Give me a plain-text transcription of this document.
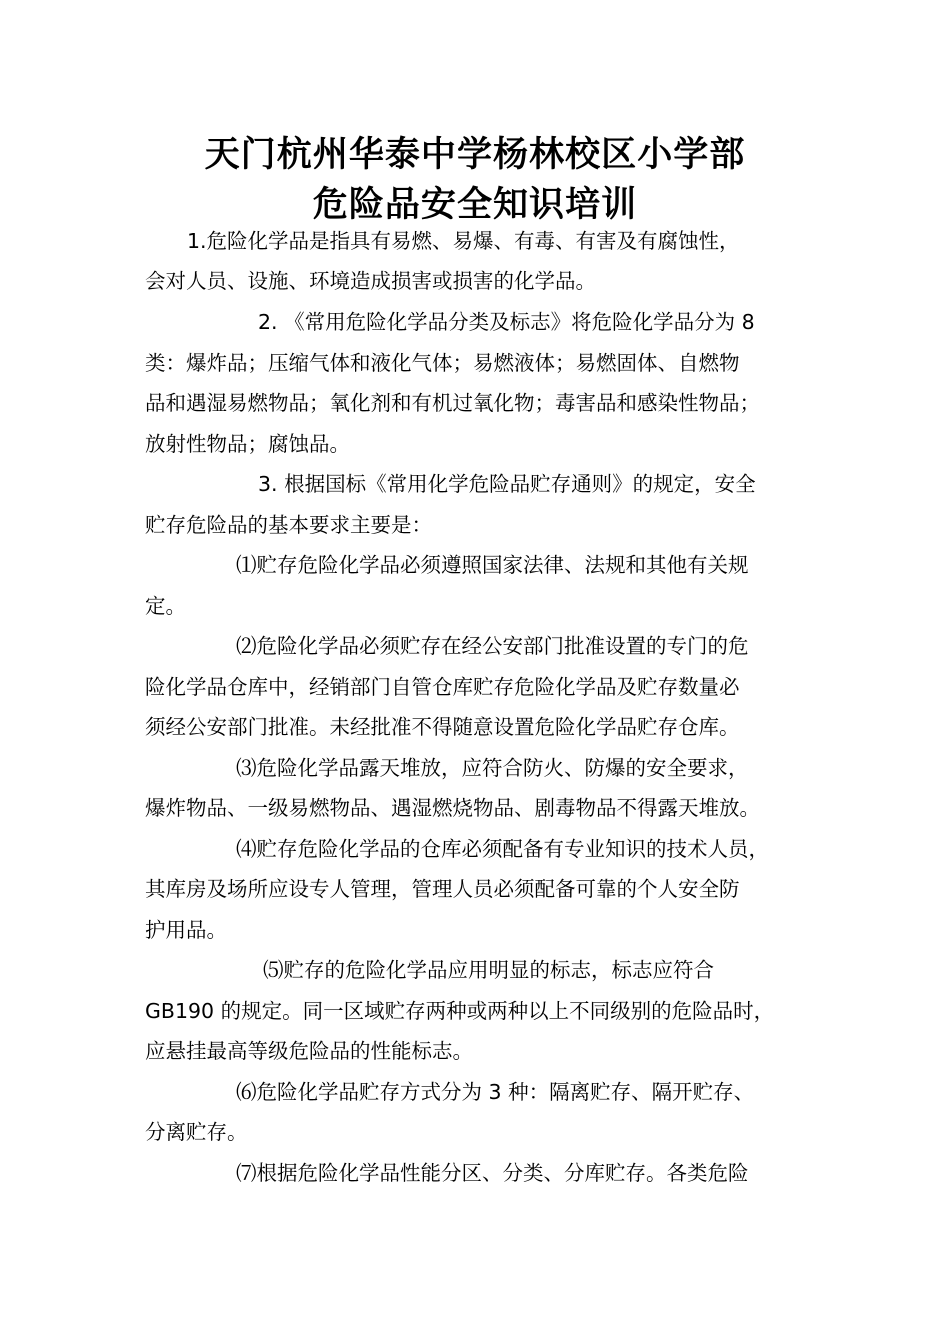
天门杭州华泰中学杨林校区小学部
危险品安全知识培训
1.危险化学品是指具有易燃、易爆、有毒、有害及有腐蚀性，
会对人员、设施、环境造成损害或损害的化学品。
2. 《常用危险化学品分类及标志》将危险化学品分为 8
类：爆炸品；压缩气体和液化气体；易燃液体；易燃固体、自燃物
品和遇湿易燃物品；氧化剂和有机过氧化物；毒害品和感染性物品；
放射性物品；腐蚀品。
3. 根据国标《常用化学危险品贮存通则》的规定，安全
贮存危险品的基本要求主要是：
⑴贮存危险化学品必须遵照国家法律、法规和其他有关规
定。
⑵危险化学品必须贮存在经公安部门批准设置的专门的危
险化学品仓库中，经销部门自管仓库贮存危险化学品及贮存数量必
须经公安部门批准。未经批准不得随意设置危险化学品贮存仓库。
⑶危险化学品露天堆放，应符合防火、防爆的安全要求，
爆炸物品、一级易燃物品、遇湿燃烧物品、剧毒物品不得露天堆放。
⑷贮存危险化学品的仓库必须配备有专业知识的技术人员，
其库房及场所应设专人管理，管理人员必须配备可靠的个人安全防
护用品。
⑸贮存的危险化学品应用明显的标志，标志应符合
GB190 的规定。同一区域贮存两种或两种以上不同级别的危险品时，
应悬挂最高等级危险品的性能标志。
⑹危险化学品贮存方式分为 3 种：隔离贮存、隔开贮存、
分离贮存。
⑺根据危险化学品性能分区、分类、分库贮存。各类危险
